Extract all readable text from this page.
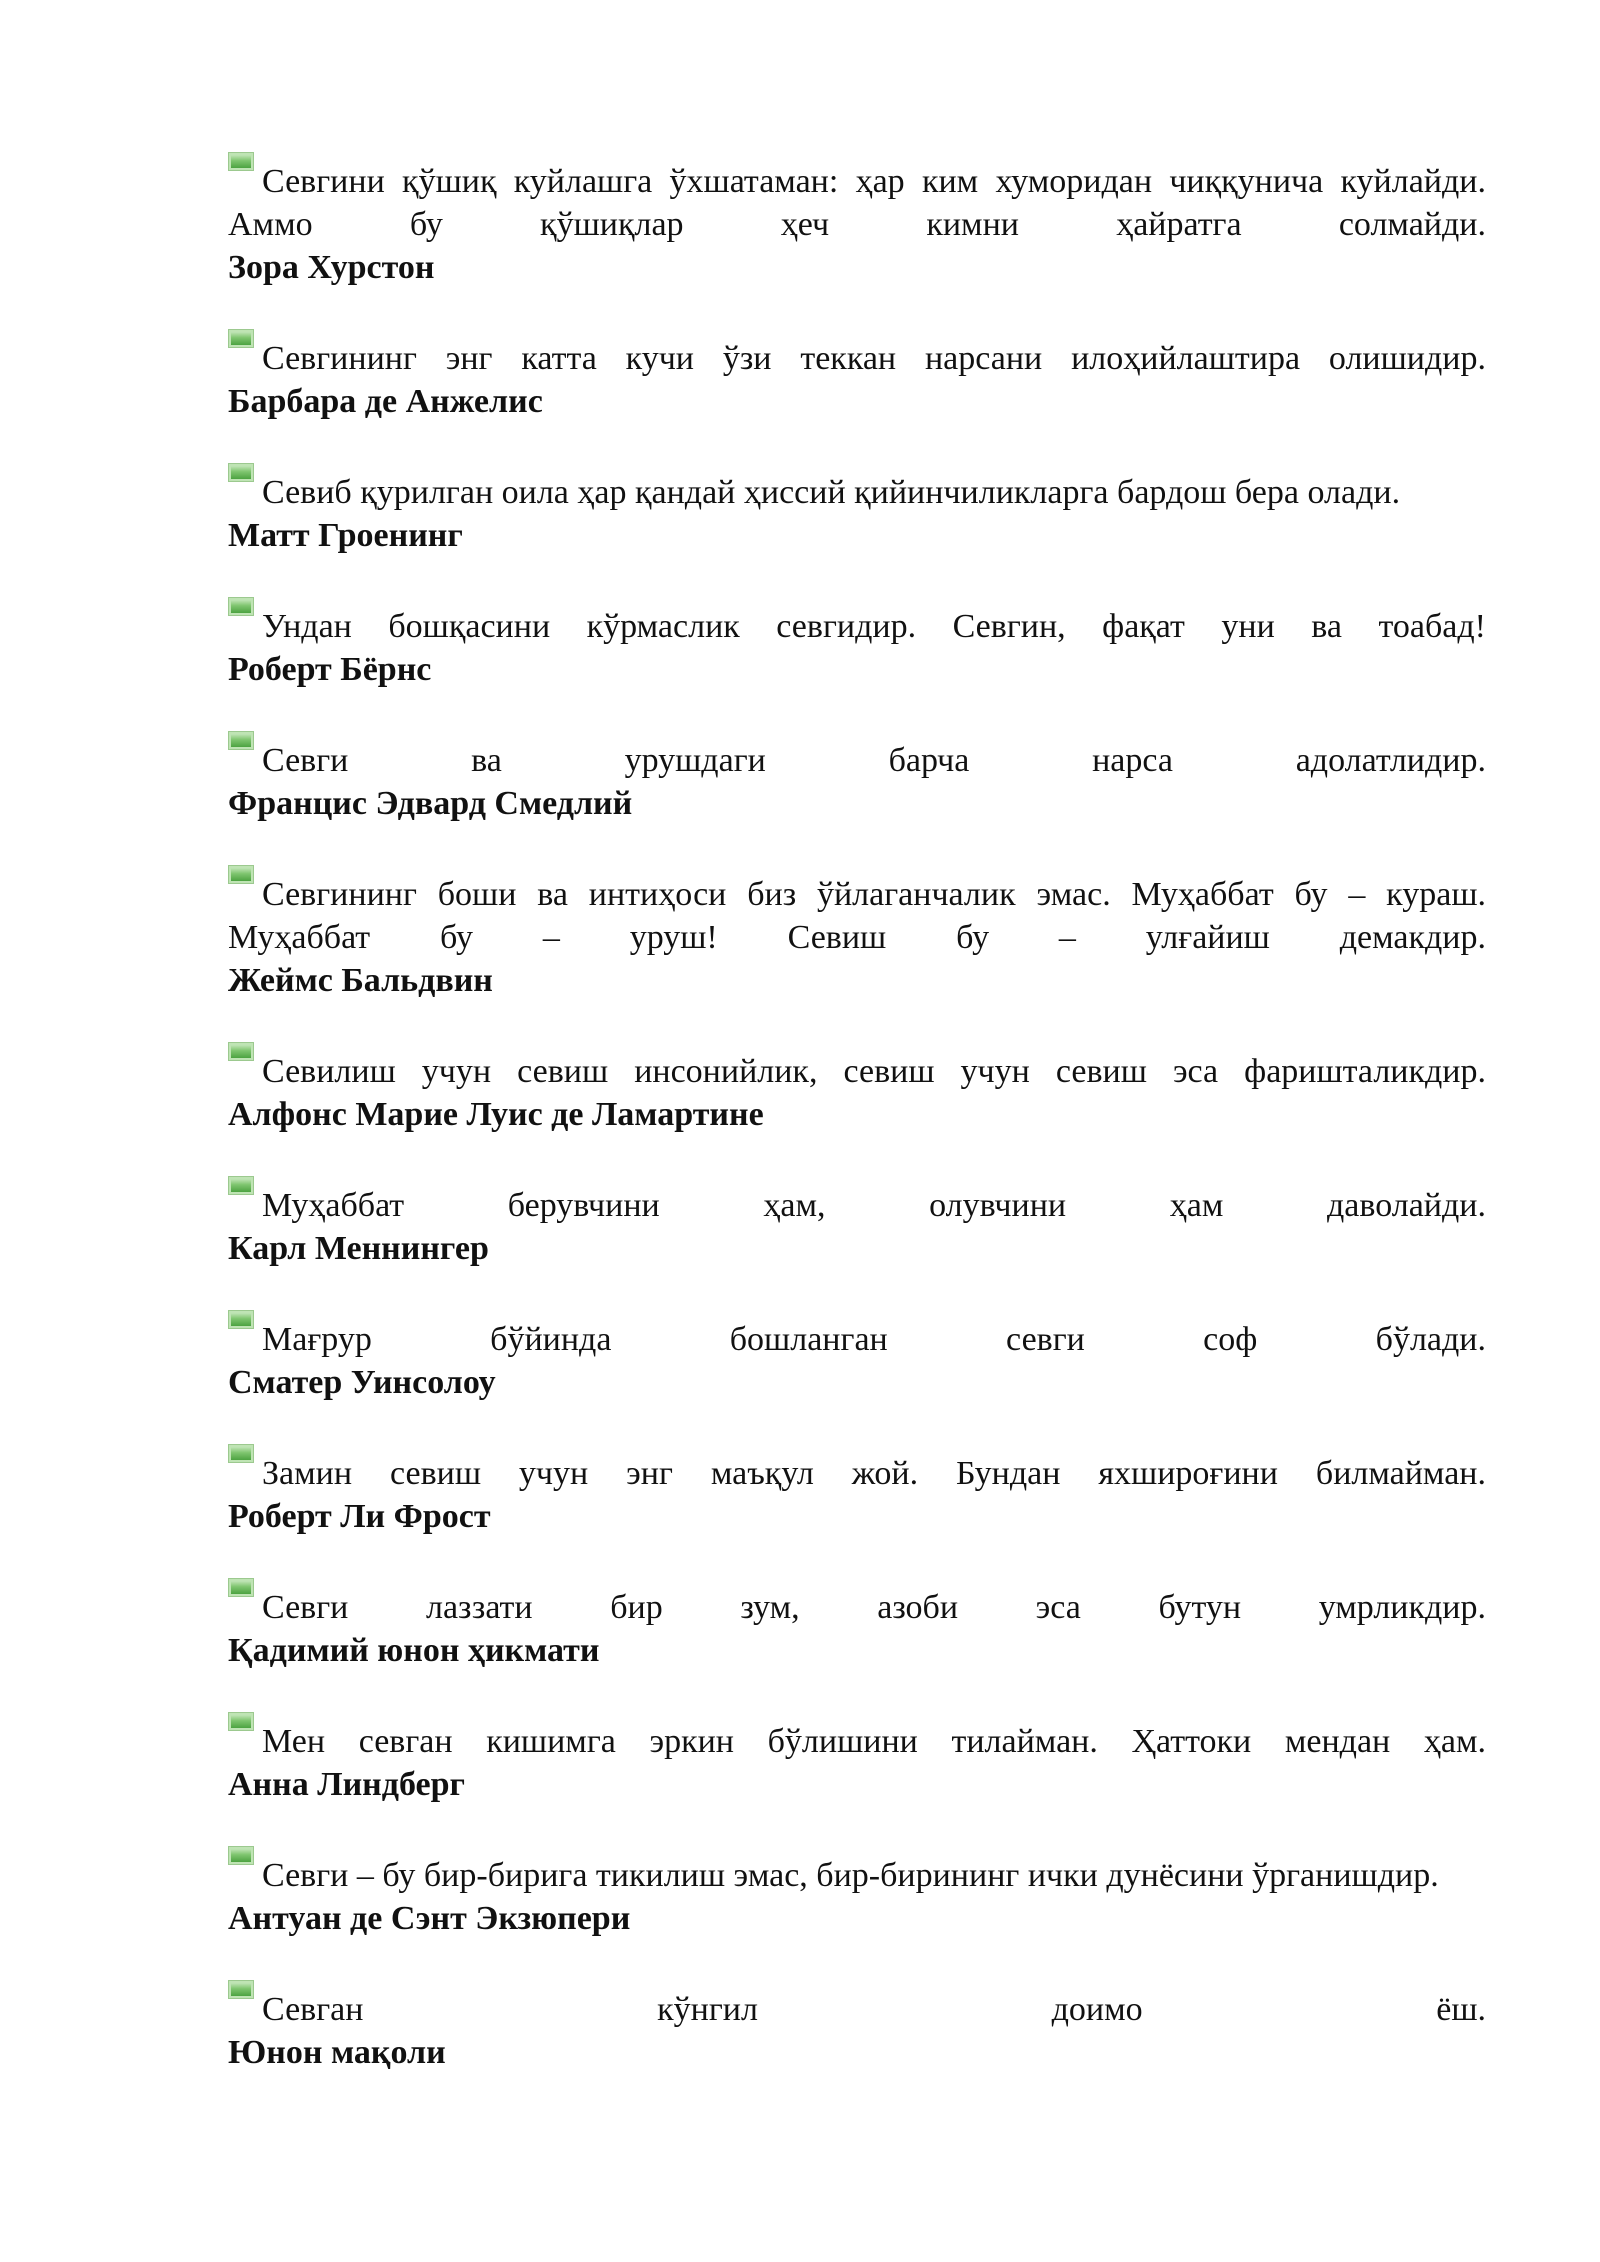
Севгини қўшиқ куйлашга ўхшатаман: ҳар ким хуморидан чиққунича куйлайди. Аммо бу қўшиқлар ҳеч кимни ҳайратга солмайди.

Зора Хурстон

Севгининг энг катта кучи ўзи теккан нарсани илоҳийлаштира олишидир.

Барбара де Анжелис

Севиб қурилган оила ҳар қандай ҳиссий қийинчиликларга бардош бера олади.

Матт Гроенинг

Ундан бошқасини кўрмаслик севгидир. Севгин, фақат уни ва тоабад!

Роберт Бёрнс

Севги ва урушдаги барча нарса адолатлидир.

Францис Эдвард Смедлий

Севгининг боши ва интиҳоси биз ўйлаганчалик эмас. Муҳаббат бу – кураш. Муҳаббат бу – уруш! Севиш бу – улғайиш демакдир.

Жеймс Бальдвин

Севилиш учун севиш инсонийлик, севиш учун севиш эса фаришталикдир.

Алфонс Марие Луис де Ламартине

Муҳаббат берувчини ҳам, олувчини ҳам даволайди.

Карл Меннингер

Мағрур бўйинда бошланган севги соф бўлади.

Сматер Уинсолоу

Замин севиш учун энг маъқул жой. Бундан яхшироғини билмайман.

Роберт Ли Фрост

Севги лаззати бир зум, азоби эса бутун умрликдир.

Қадимий юнон ҳикмати

Мен севган кишимга эркин бўлишини тилайман. Ҳаттоки мендан ҳам.

Анна Линдберг

Севги – бу бир-бирига тикилиш эмас, бир-бирининг ички дунёсини ўрганишдир.

Антуан де Сэнт Экзюпери

Севган кўнгил доимо ёш.

Юнон мақоли
